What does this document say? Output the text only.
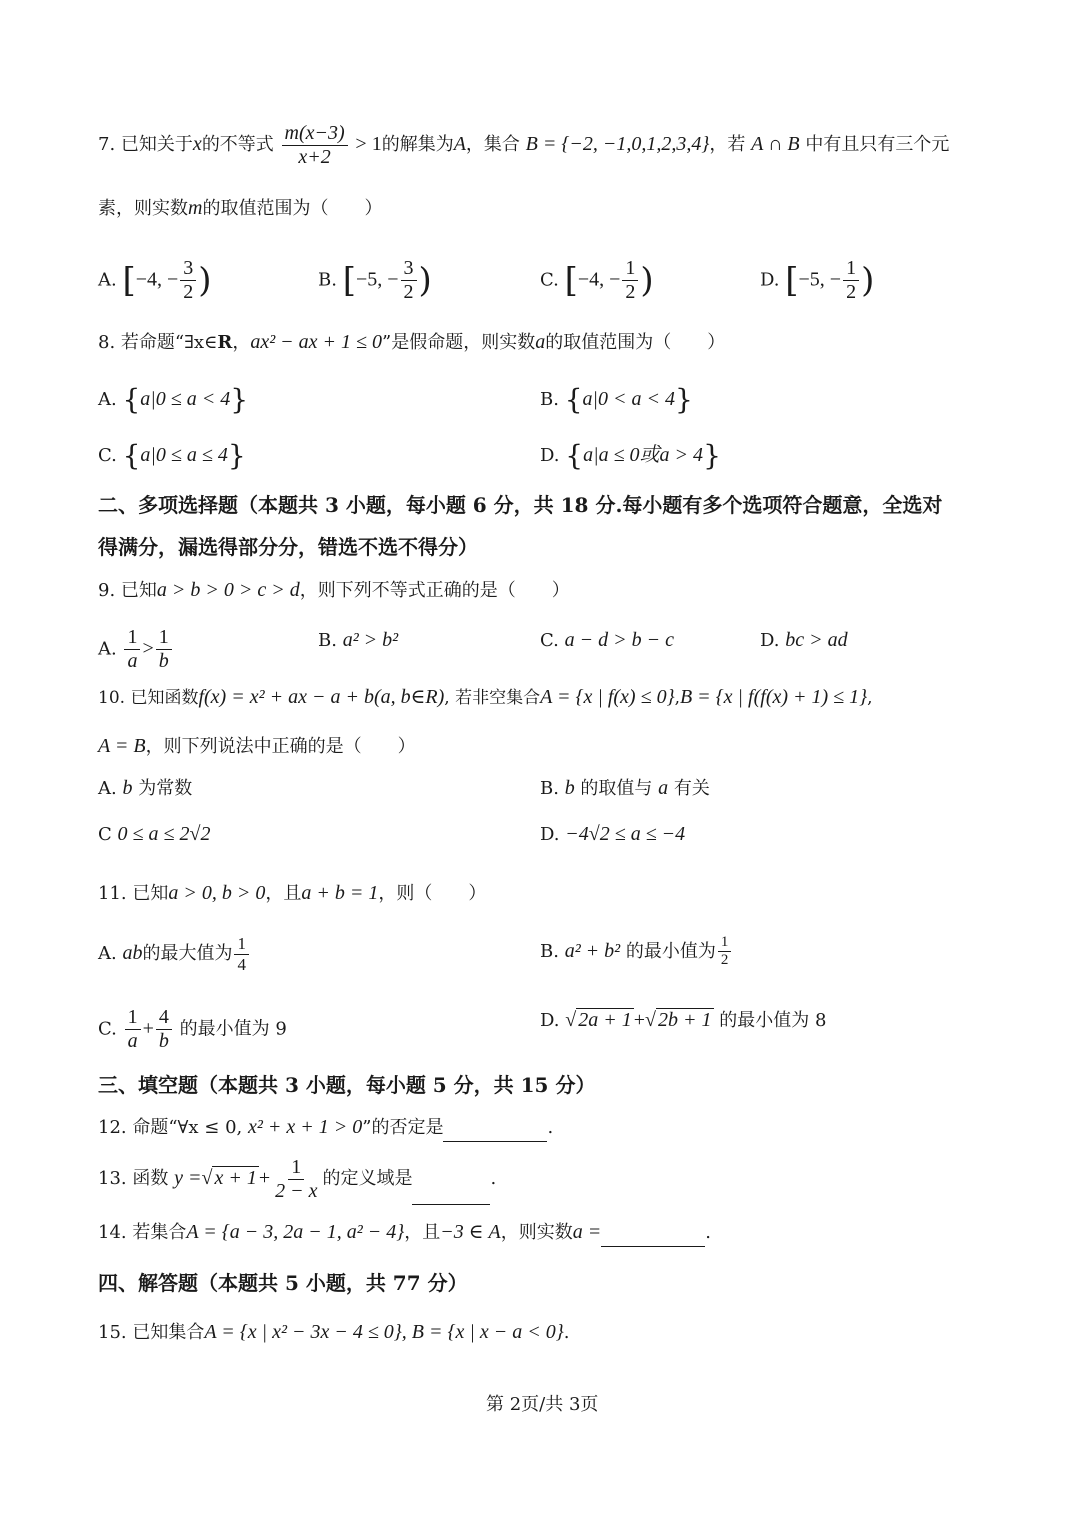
7. 已知关于x的不等式 $\frac{m(x-3)}{x+2} > 1$的解集为A，集合 B = {−2, −1,0,1,2,3,4}，若 A ∩ B 中有且只有三个元
素，则实数m的取值范围为（　　）
A. [−4, − $\frac{3}{2}$ )	B. [−5, − $\frac{3}{2}$ )	C. [−4, − $\frac{1}{2}$ )	D. [−5, − $\frac{1}{2}$ )
8. 若命题“∃x∈R，ax² − ax + 1 ≤ 0”是假命题，则实数a的取值范围为（　　）
A. {a|0 ≤ a < 4}	B. {a|0 < a < 4}
C. {a|0 ≤ a ≤ 4}	D. {a|a ≤ 0或a > 4}
二、多项选择题（本题共 3 小题，每小题 6 分，共 18 分.每小题有多个选项符合题意，全选对
得满分，漏选得部分分，错选不选不得分）
9. 已知a > b > 0 > c > d，则下列不等式正确的是（　　）
A. $\frac{1}{a} > \frac{1}{b}$	B. a² > b²	C. a − d > b − c	D. bc > ad
10. 已知函数f(x) = x² + ax − a + b(a, b∈R), 若非空集合A = {x | f(x) ≤ 0},B = {x | f(f(x) + 1) ≤ 1},
A = B，则下列说法中正确的是（　　）
A. b 为常数	B. b 的取值与 a 有关
C 0 ≤ a ≤ 2√2	D. −4√2 ≤ a ≤ −4
11. 已知a > 0, b > 0，且a + b = 1，则（　　）
A. ab的最大值为 $\frac{1}{4}$	B. a² + b² 的最小值为 $\frac{1}{2}$
C. $\frac{1}{a} + \frac{4}{b}$ 的最小值为 9	D. √ 2a + 1 +√ 2b + 1 的最小值为 8
三、填空题（本题共 3 小题，每小题 5 分，共 15 分）
12. 命题“∀x ≤ 0, x² + x + 1 > 0”的否定是	.
13. 函数 y =√ $x + 1 + \frac{1}{2 - x}$ 的定义域是	.
14. 若集合A = {a − 3, 2a − 1, a² − 4}，且−3 ∈ A，则实数a =	.
四、解答题（本题共 5 小题，共 77 分）
15. 已知集合A = {x | x² − 3x − 4 ≤ 0}, B = {x | x − a < 0}.
第 2页/共 3页
